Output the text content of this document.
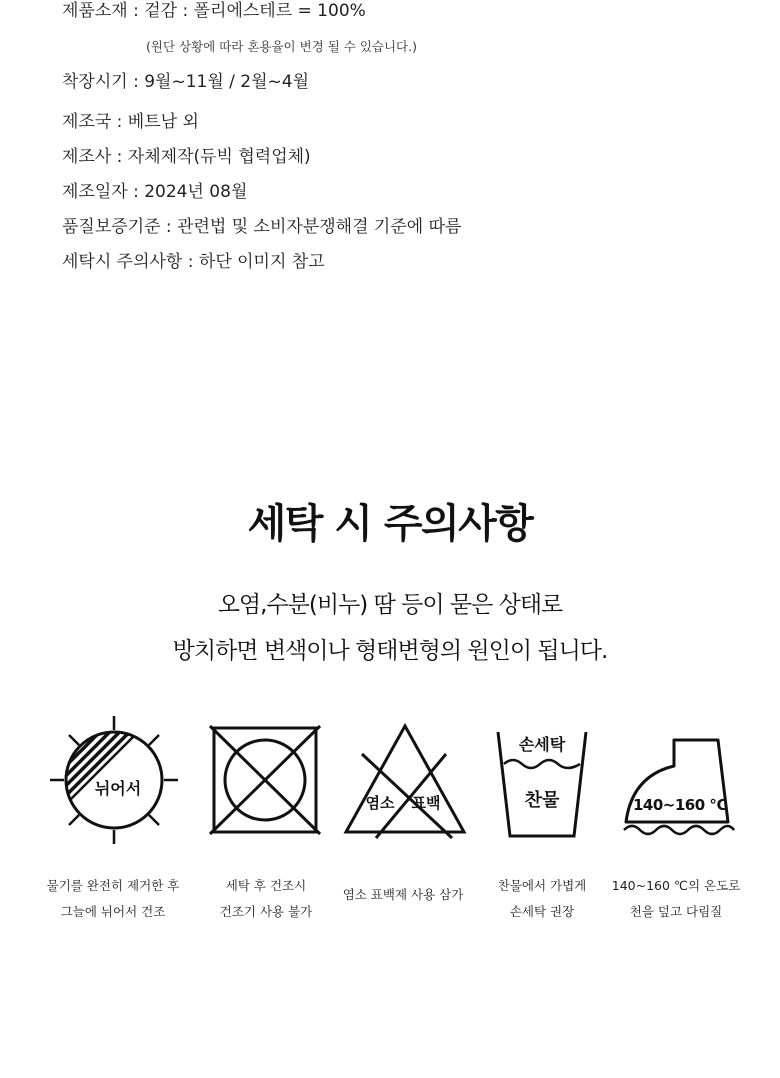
제품소재 : 겉감 : 폴리에스테르 = 100%
(원단 상황에 따라 혼용율이 변경 될 수 있습니다.)
착장시기 : 9월~11월 / 2월~4월
제조국 : 베트남 외
제조사 : 자체제작(듀빅 협력업체)
제조일자 : 2024년 08월
품질보증기준 : 관련법 및 소비자분쟁해결 기준에 따름
세탁시 주의사항 : 하단 이미지 참고
세탁 시 주의사항
오염,수분(비누) 땀 등이 묻은 상태로
방치하면 변색이나 형태변형의 원인이 됩니다.
뉘어서
염소 표백
손세탁
찬물	140~160 ℃
물기를 완전히 제거한 후
그늘에 뉘어서 건조
세탁 후 건조시
건조기 사용 불가
염소 표백제 사용 삼가
찬물에서 가볍게
손세탁 권장
140~160 ℃의 온도로
천을 덮고 다림질
